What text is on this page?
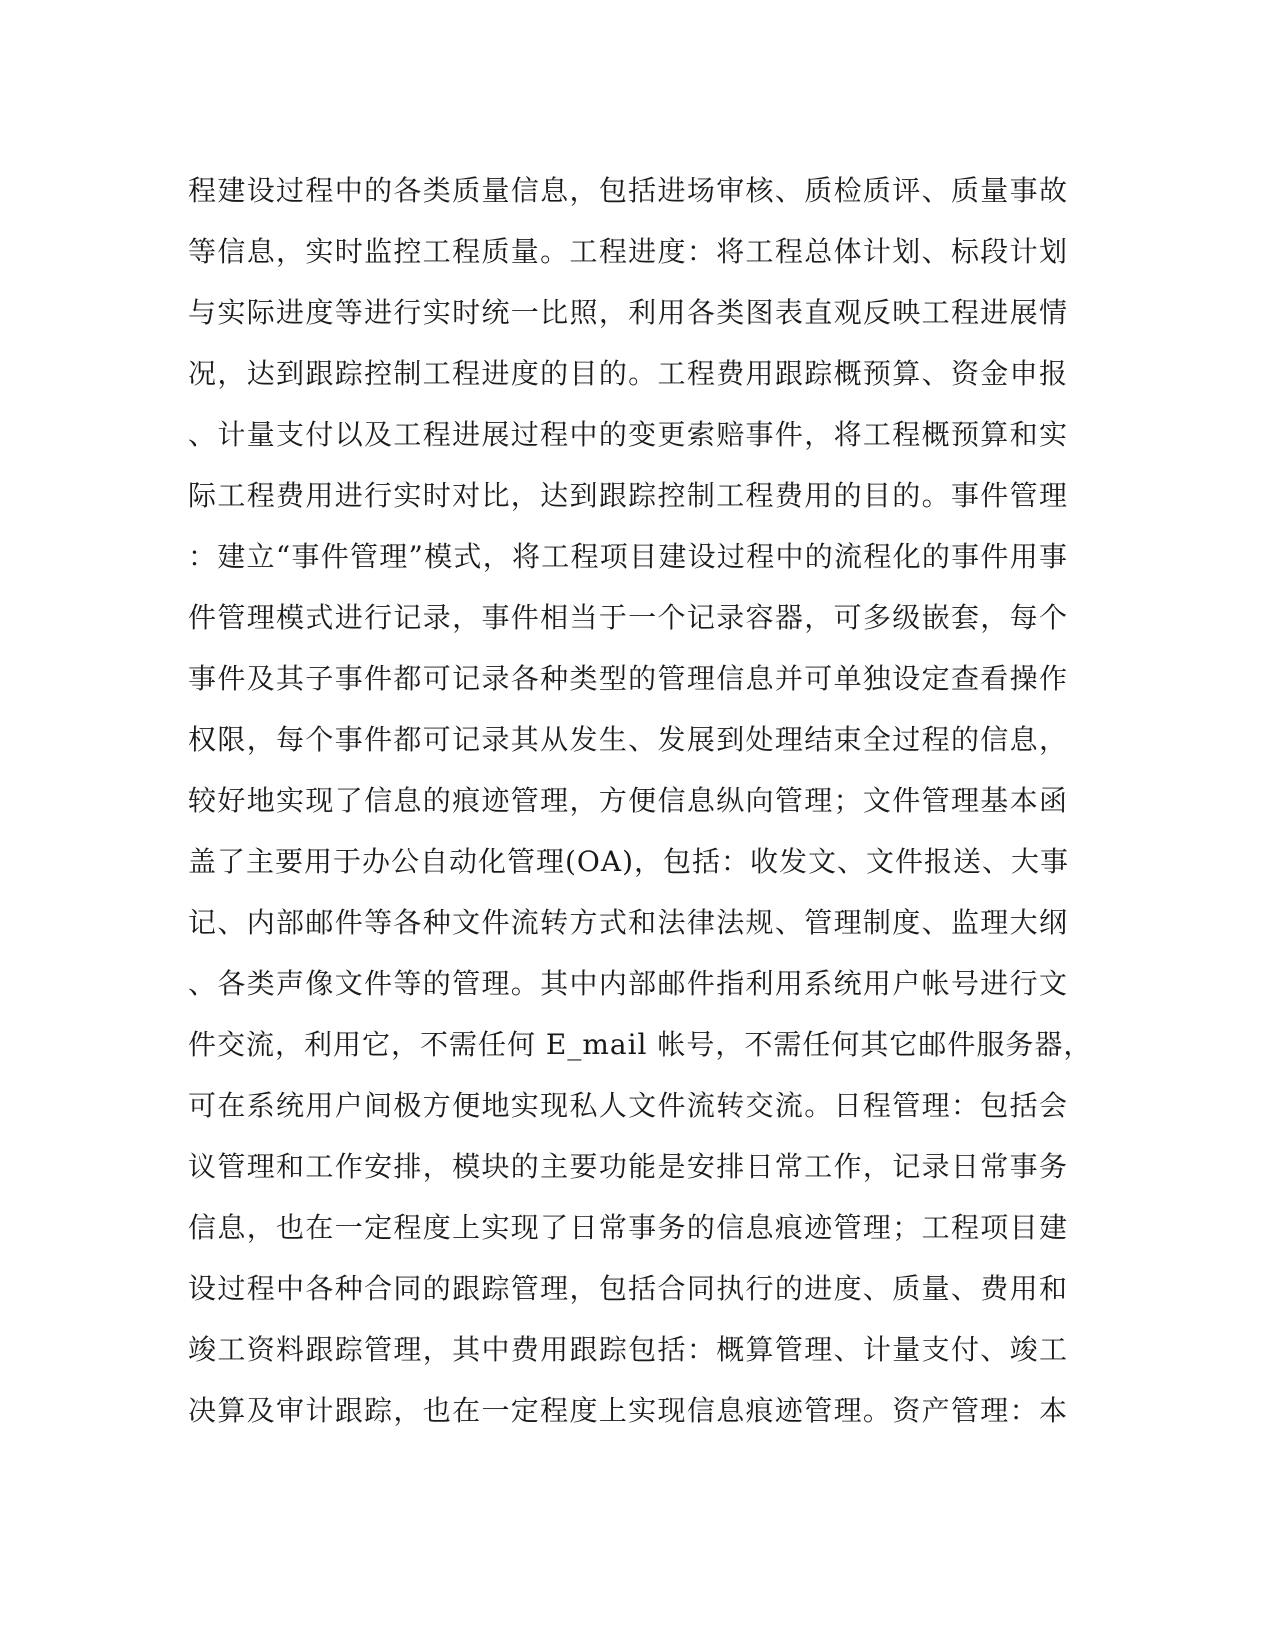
程建设过程中的各类质量信息，包括进场审核、质检质评、质量事故
等信息，实时监控工程质量。工程进度：将工程总体计划、标段计划
与实际进度等进行实时统一比照，利用各类图表直观反映工程进展情
况，达到跟踪控制工程进度的目的。工程费用跟踪概预算、资金申报
、计量支付以及工程进展过程中的变更索赔事件，将工程概预算和实
际工程费用进行实时对比，达到跟踪控制工程费用的目的。事件管理
：建立“事件管理”模式，将工程项目建设过程中的流程化的事件用事
件管理模式进行记录，事件相当于一个记录容器，可多级嵌套，每个
事件及其子事件都可记录各种类型的管理信息并可单独设定查看操作
权限，每个事件都可记录其从发生、发展到处理结束全过程的信息，
较好地实现了信息的痕迹管理，方便信息纵向管理；文件管理基本函
盖了主要用于办公自动化管理(OA)，包括：收发文、文件报送、大事
记、内部邮件等各种文件流转方式和法律法规、管理制度、监理大纲
、各类声像文件等的管理。其中内部邮件指利用系统用户帐号进行文
件交流，利用它，不需任何 E_mail 帐号，不需任何其它邮件服务器，
可在系统用户间极方便地实现私人文件流转交流。日程管理：包括会
议管理和工作安排，模块的主要功能是安排日常工作，记录日常事务
信息，也在一定程度上实现了日常事务的信息痕迹管理；工程项目建
设过程中各种合同的跟踪管理，包括合同执行的进度、质量、费用和
竣工资料跟踪管理，其中费用跟踪包括：概算管理、计量支付、竣工
决算及审计跟踪，也在一定程度上实现信息痕迹管理。资产管理：本
